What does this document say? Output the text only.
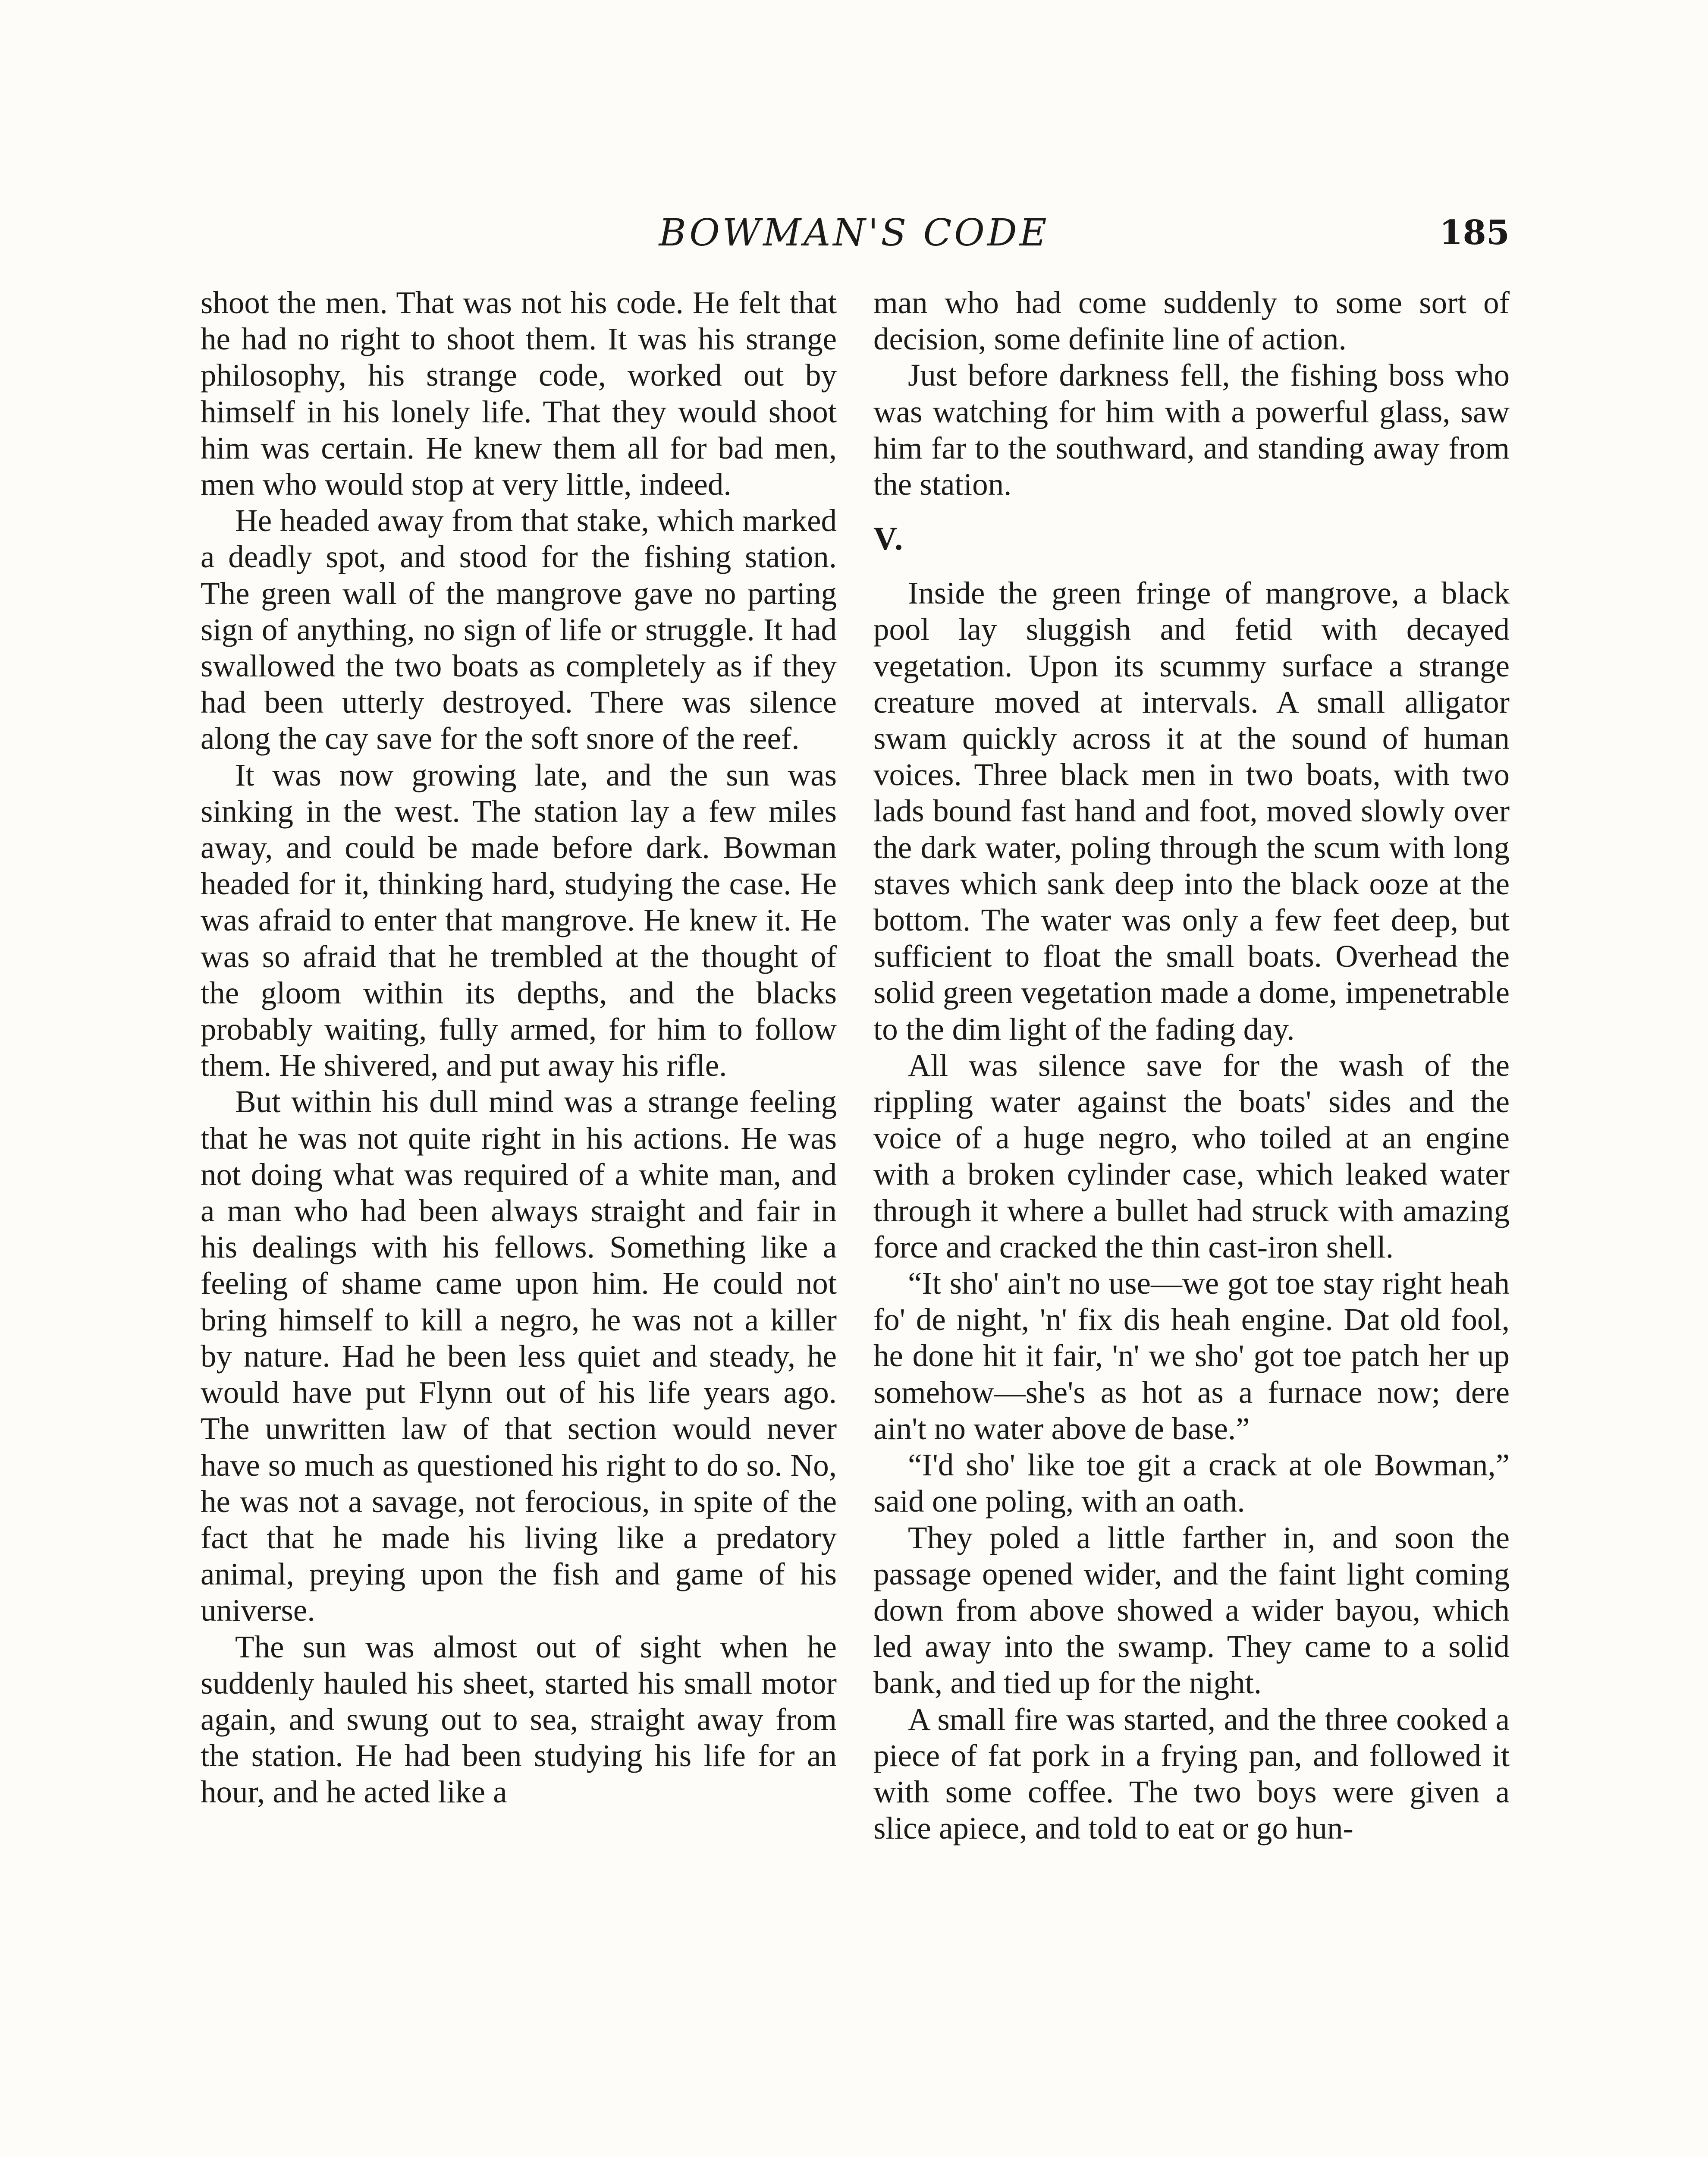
BOWMAN'S CODE	185

shoot the men. That was not his code. He felt that he had no right to shoot them. It was his strange philosophy, his strange code, worked out by himself in his lonely life. That they would shoot him was certain. He knew them all for bad men, men who would stop at very little, indeed.

He headed away from that stake, which marked a deadly spot, and stood for the fishing station. The green wall of the mangrove gave no parting sign of anything, no sign of life or struggle. It had swallowed the two boats as completely as if they had been utterly destroyed. There was silence along the cay save for the soft snore of the reef.

It was now growing late, and the sun was sinking in the west. The station lay a few miles away, and could be made before dark. Bowman headed for it, thinking hard, studying the case. He was afraid to enter that mangrove. He knew it. He was so afraid that he trembled at the thought of the gloom within its depths, and the blacks probably waiting, fully armed, for him to follow them. He shivered, and put away his rifle.

But within his dull mind was a strange feeling that he was not quite right in his actions. He was not doing what was required of a white man, and a man who had been always straight and fair in his dealings with his fellows. Something like a feeling of shame came upon him. He could not bring himself to kill a negro, he was not a killer by nature. Had he been less quiet and steady, he would have put Flynn out of his life years ago. The unwritten law of that section would never have so much as questioned his right to do so. No, he was not a savage, not ferocious, in spite of the fact that he made his living like a predatory animal, preying upon the fish and game of his universe.

The sun was almost out of sight when he suddenly hauled his sheet, started his small motor again, and swung out to sea, straight away from the station. He had been studying his life for an hour, and he acted like a

man who had come suddenly to some sort of decision, some definite line of action.

Just before darkness fell, the fishing boss who was watching for him with a powerful glass, saw him far to the southward, and standing away from the station.

V.

Inside the green fringe of mangrove, a black pool lay sluggish and fetid with decayed vegetation. Upon its scummy surface a strange creature moved at intervals. A small alligator swam quickly across it at the sound of human voices. Three black men in two boats, with two lads bound fast hand and foot, moved slowly over the dark water, poling through the scum with long staves which sank deep into the black ooze at the bottom. The water was only a few feet deep, but sufficient to float the small boats. Overhead the solid green vegetation made a dome, impenetrable to the dim light of the fading day.

All was silence save for the wash of the rippling water against the boats' sides and the voice of a huge negro, who toiled at an engine with a broken cylinder case, which leaked water through it where a bullet had struck with amazing force and cracked the thin cast-iron shell.

“It sho' ain't no use—we got toe stay right heah fo' de night, 'n' fix dis heah engine. Dat old fool, he done hit it fair, 'n' we sho' got toe patch her up somehow—she's as hot as a furnace now; dere ain't no water above de base.”

“I'd sho' like toe git a crack at ole Bowman,” said one poling, with an oath.

They poled a little farther in, and soon the passage opened wider, and the faint light coming down from above showed a wider bayou, which led away into the swamp. They came to a solid bank, and tied up for the night.

A small fire was started, and the three cooked a piece of fat pork in a frying pan, and followed it with some coffee. The two boys were given a slice apiece, and told to eat or go hun-
